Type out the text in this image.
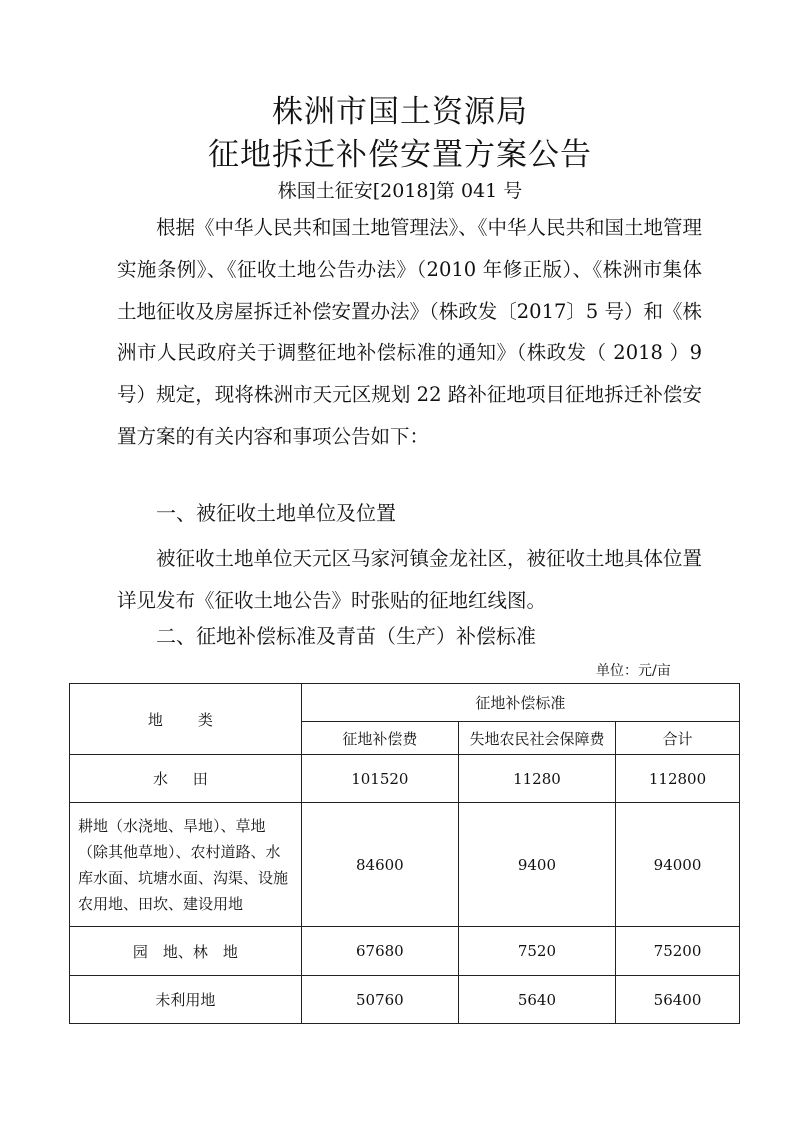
株洲市国土资源局
征地拆迁补偿安置方案公告
株国土征安[2018]第 041 号

根据《中华人民共和国土地管理法》、《中华人民共和国土地管理实施条例》、《征收土地公告办法》（2010 年修正版）、《株洲市集体土地征收及房屋拆迁补偿安置办法》（株政发〔2017〕5 号）和《株洲市人民政府关于调整征地补偿标准的通知》（株政发（ 2018 ）9 号）规定，现将株洲市天元区规划 22 路补征地项目征地拆迁补偿安置方案的有关内容和事项公告如下：

一、被征收土地单位及位置

被征收土地单位天元区马家河镇金龙社区，被征收土地具体位置详见发布《征收土地公告》时张贴的征地红线图。

二、征地补偿标准及青苗（生产）补偿标准
单位：元/亩
地　类	征地补偿标准		
	征地补偿费	失地农民社会保障费	合计
水 田	101520	11280	112800
耕地（水浇地、旱地）、草地（除其他草地）、农村道路、水库水面、坑塘水面、沟渠、设施农用地、田坎、建设用地	84600	9400	94000
园　地、林　地	67680	7520	75200
未利用地	50760	5640	56400
